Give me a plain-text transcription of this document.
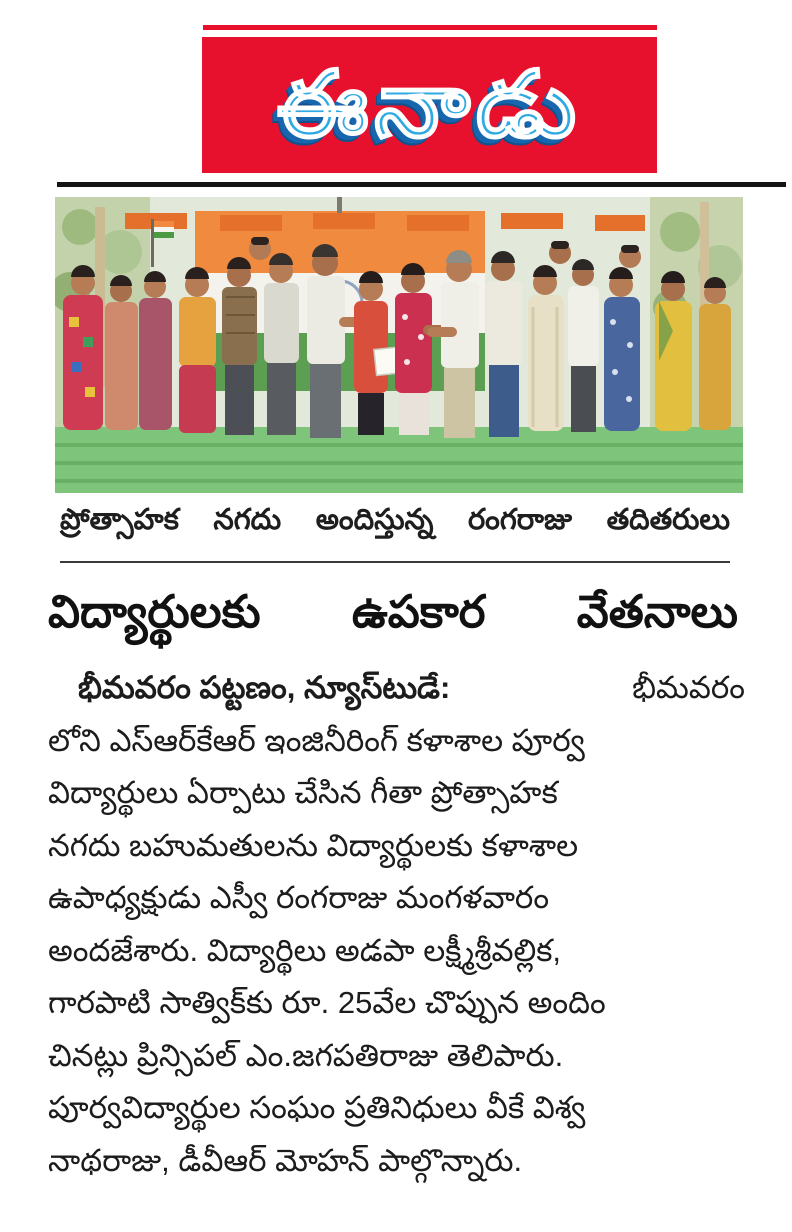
ఈనాడు
ప్రోత్సాహక నగదు అందిస్తున్న రంగరాజు తదితరులు
విద్యార్థులకు ఉపకార వేతనాలు
భీమవరం పట్టణం, న్యూస్‌టుడే:	భీమవరం
లోని ఎస్ఆర్‌కేఆర్ ఇంజినీరింగ్ కళాశాల పూర్వ
విద్యార్థులు ఏర్పాటు చేసిన గీతా ప్రోత్సాహక
నగదు బహుమతులను విద్యార్థులకు కళాశాల
ఉపాధ్యక్షుడు ఎస్వీ రంగరాజు మంగళవారం
అందజేశారు. విద్యార్థిలు అడపా లక్ష్మీశ్రీవల్లిక,
గారపాటి సాత్విక్‌కు రూ. 25వేల చొప్పున అందిం
చినట్లు ప్రిన్సిపల్ ఎం.జగపతిరాజు తెలిపారు.
పూర్వవిద్యార్థుల సంఘం ప్రతినిధులు వీకే విశ్వ
నాథరాజు, డీవీఆర్ మోహన్ పాల్గొన్నారు.
